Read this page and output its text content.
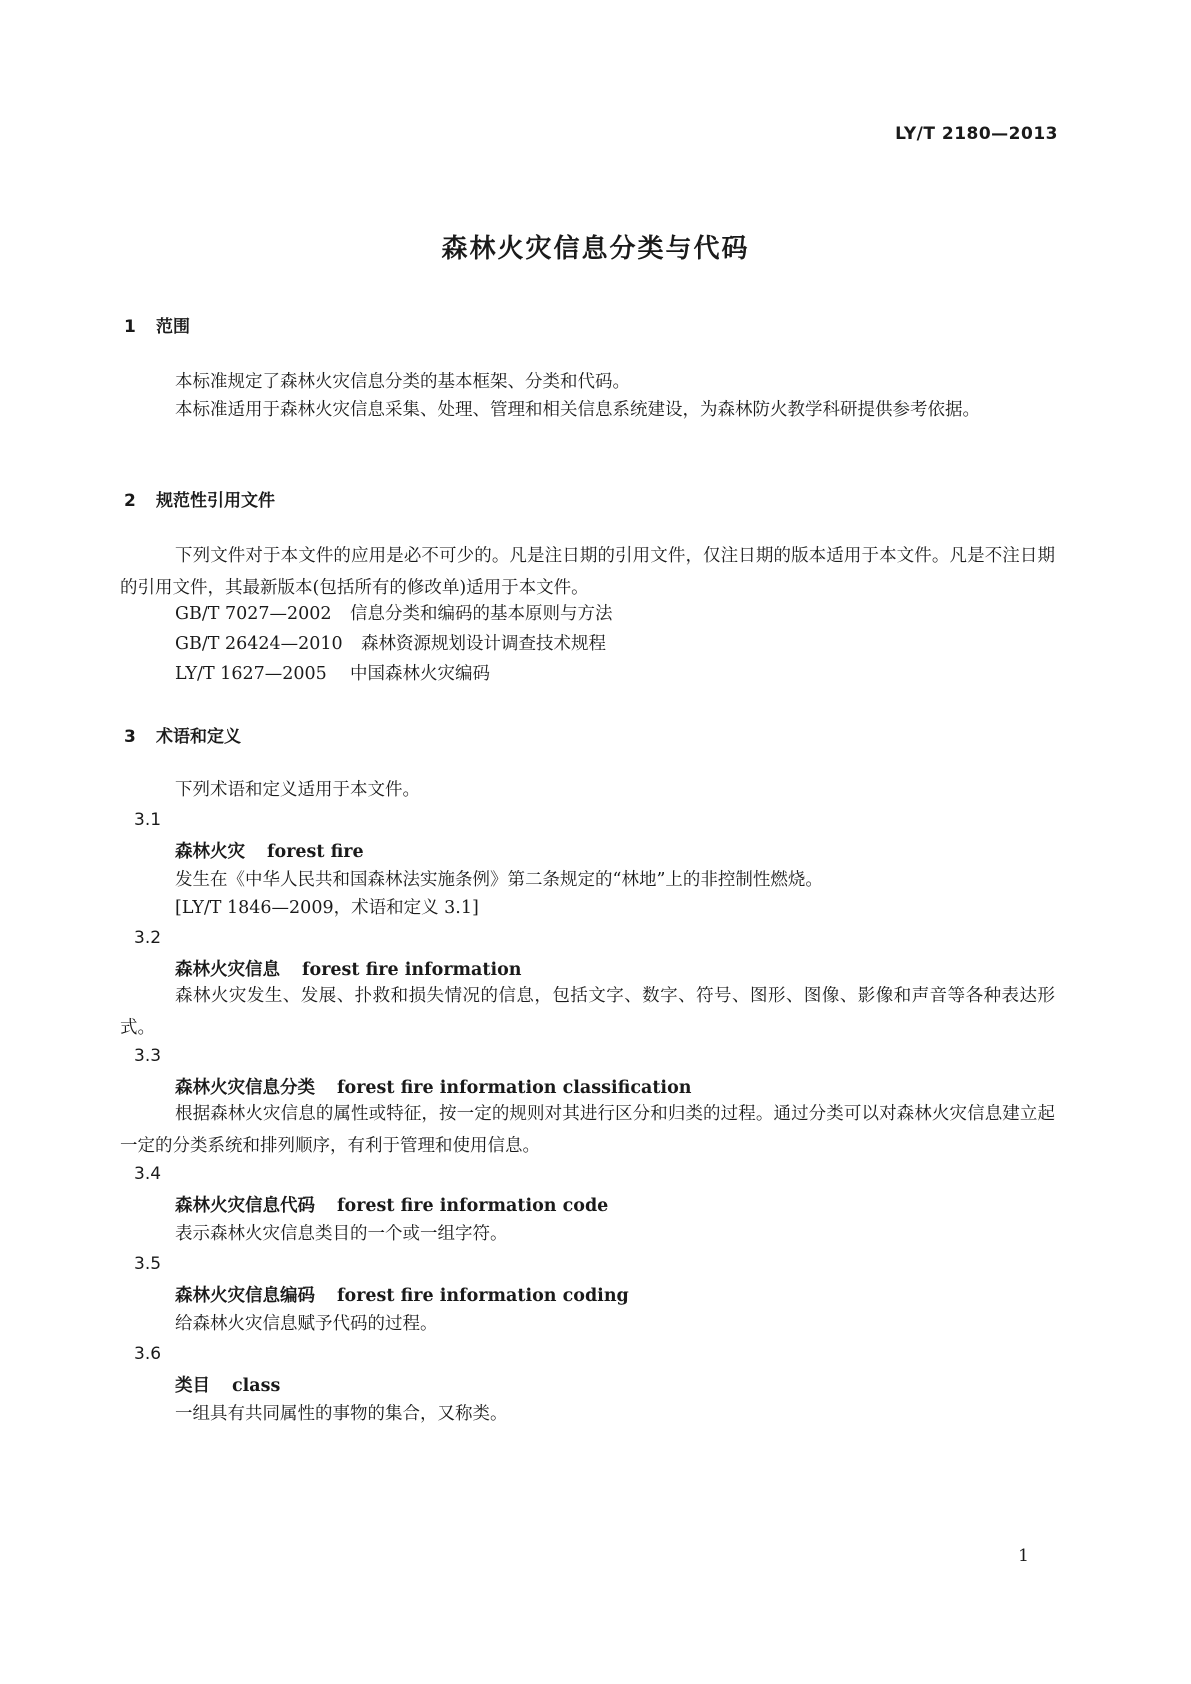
LY/T 2180—2013
森林火灾信息分类与代码
1 范围
本标准规定了森林火灾信息分类的基本框架、分类和代码。
本标准适用于森林火灾信息采集、处理、管理和相关信息系统建设，为森林防火教学科研提供参考依据。
2 规范性引用文件
下列文件对于本文件的应用是必不可少的。凡是注日期的引用文件，仅注日期的版本适用于本文件。凡是不注日期的引用文件，其最新版本(包括所有的修改单)适用于本文件。
GB/T 7027—2002 信息分类和编码的基本原则与方法
GB/T 26424—2010 森林资源规划设计调查技术规程
LY/T 1627—2005 中国森林火灾编码
3 术语和定义
下列术语和定义适用于本文件。
3.1
森林火灾 forest fire
发生在《中华人民共和国森林法实施条例》第二条规定的“林地”上的非控制性燃烧。
[LY/T 1846—2009，术语和定义 3.1]
3.2
森林火灾信息 forest fire information
森林火灾发生、发展、扑救和损失情况的信息，包括文字、数字、符号、图形、图像、影像和声音等各种表达形式。
3.3
森林火灾信息分类 forest fire information classification
根据森林火灾信息的属性或特征，按一定的规则对其进行区分和归类的过程。通过分类可以对森林火灾信息建立起一定的分类系统和排列顺序，有利于管理和使用信息。
3.4
森林火灾信息代码 forest fire information code
表示森林火灾信息类目的一个或一组字符。
3.5
森林火灾信息编码 forest fire information coding
给森林火灾信息赋予代码的过程。
3.6
类目 class
一组具有共同属性的事物的集合，又称类。
1
